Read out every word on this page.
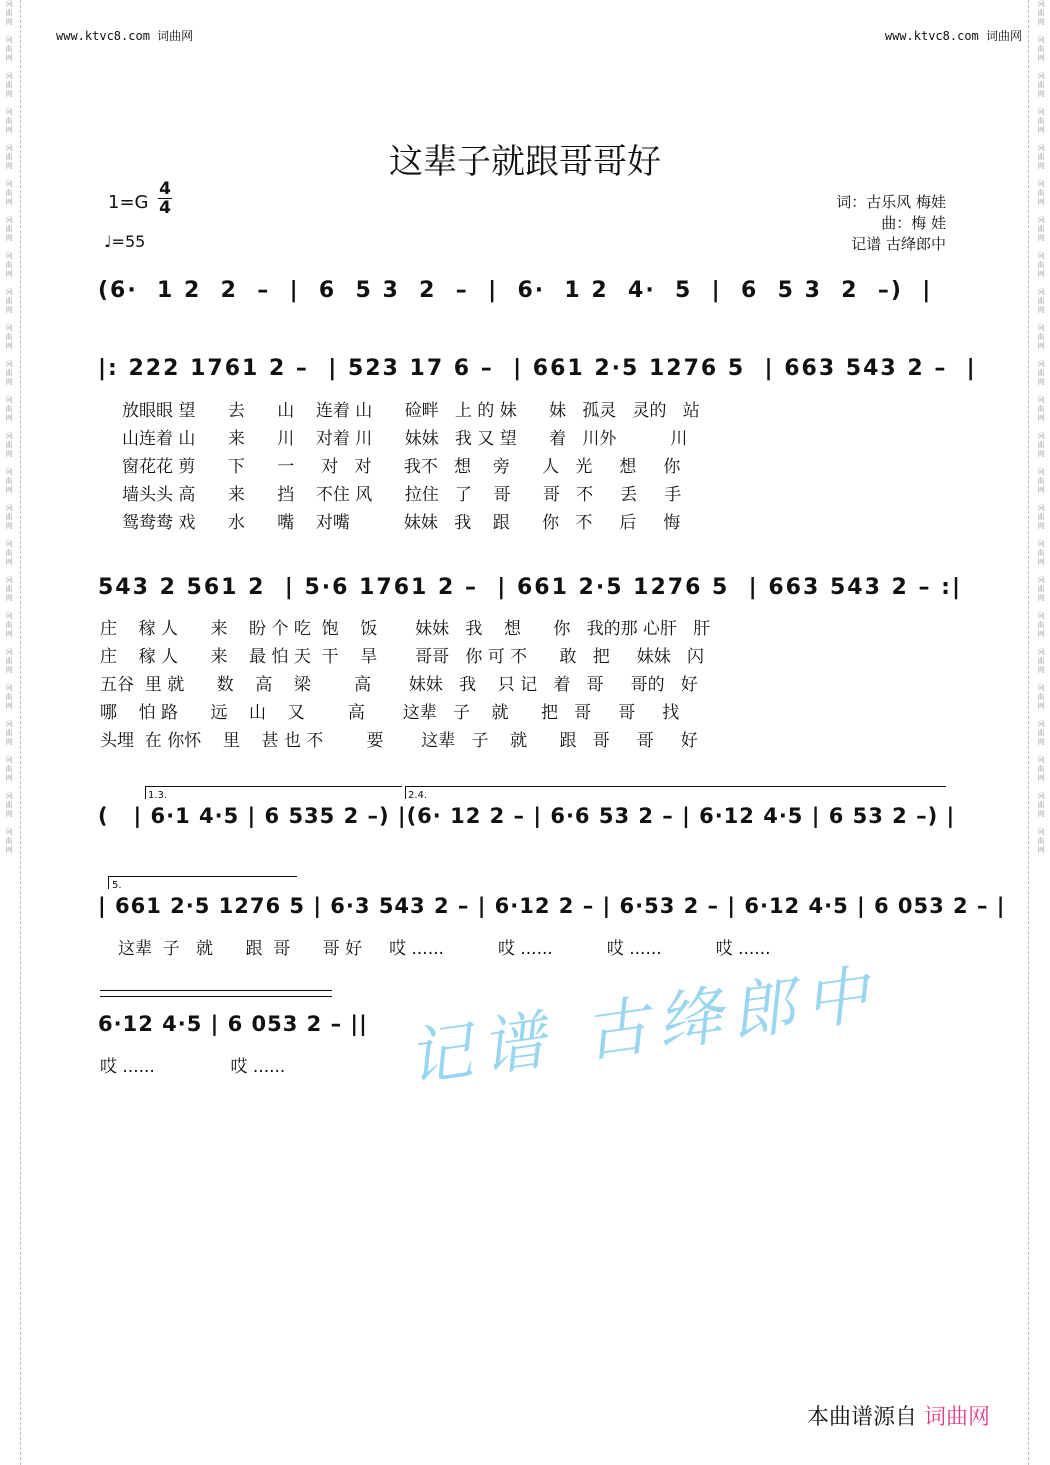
词
曲
网

词
曲
网

词
曲
网

词
曲
网

词
曲
网

词
曲
网

词
曲
网

词
曲
网

词
曲
网

词
曲
网

词
曲
网

词
曲
网

词
曲
网

词
曲
网

词
曲
网

词
曲
网

词
曲
网

词
曲
网

词
曲
网

词
曲
网

词
曲
网

词
曲
网

词
曲
网

词
曲
网

词
曲
网

词
曲
网

词
曲
网

词
曲
网

词
曲
网

词
曲
网

词
曲
网

词
曲
网

词
曲
网

词
曲
网

词
曲
网

词
曲
网

词
曲
网

词
曲
网

词
曲
网

词
曲
网

词
曲
网

词
曲
网

词
曲
网

词
曲
网

词
曲
网

词
曲
网

词
曲
网

词
曲
网

www.ktvc8.com 词曲网	www.ktvc8.com 词曲网
这辈子就跟哥哥好
1=G
4
4
♩=55
词：古乐风 梅娃
曲：梅 娃
记谱 古绛郎中
(6·  1 2  2  –  |  6  5 3  2  –  |  6·  1 2  4·  5  |  6  5 3  2  –)  |
|: 222 1761 2 –  | 523 17 6 –  | 661 2·5 1276 5  | 663 543 2 –  |
放眼眼 望      去      山    连着 山      硷畔   上 的 妹      妹   孤灵   灵的   站
山连着 山      来      川    对着 川      妹妹   我 又 望      着   川外          川
窗花花 剪      下      一     对   对      我不   想    旁      人   光     想     你
墙头头 高      来      挡    不住 风      拉住   了    哥      哥   不     丢     手
鸳鸯鸯 戏      水      嘴    对嘴          妹妹   我    跟      你   不     后     悔
543 2 561 2  | 5·6 1761 2 –  | 661 2·5 1276 5  | 663 543 2 – :|
庄    稼 人      来    盼 个 吃  饱    饭       妹妹   我    想      你   我的那 心肝   肝
庄    稼 人      来    最 怕 天  干    旱       哥哥   你 可 不      敢   把     妹妹   闪
五谷  里 就      数    高    梁        高       妹妹   我    只 记   着   哥     哥的   好
哪    怕 路      远    山    又        高       这辈   子    就      把   哥     哥     找
头埋  在 你怀    里    甚 也 不        要       这辈   子    就      跟   哥     哥     好
1.3.	2.4.
(   | 6·1 4·5 | 6 535 2 –) |(6· 12 2 – | 6·6 53 2 – | 6·12 4·5 | 6 53 2 –) |
5.
| 661 2·5 1276 5 | 6·3 543 2 – | 6·12 2 – | 6·53 2 – | 6·12 4·5 | 6 053 2 – |
这辈  子   就      跟  哥      哥 好     哎 ......          哎 ......          哎 ......          哎 ......
6·12 4·5 | 6 053 2 – ||
哎 ......              哎 ...... 记谱 古绛郎中
本曲谱源自 词曲网
